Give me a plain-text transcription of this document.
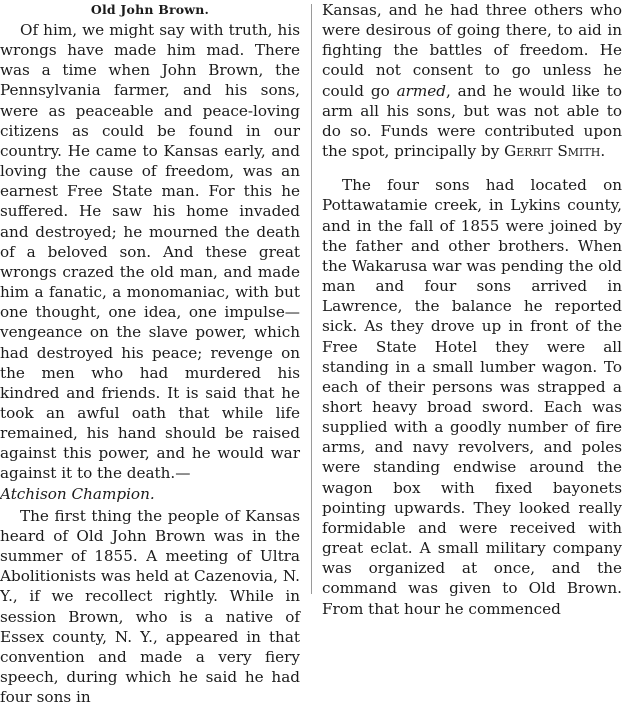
Old John Brown.

Of him, we might say with truth, his wrongs have made him mad. There was a time when John Brown, the Pennsylvania farmer, and his sons, were as peaceable and peace-loving citizens as could be found in our country. He came to Kansas early, and loving the cause of freedom, was an earnest Free State man. For this he suffered. He saw his home invaded and destroyed; he mourned the death of a beloved son. And these great wrongs crazed the old man, and made him a fanatic, a monomaniac, with but one thought, one idea, one impulse—vengeance on the slave power, which had destroyed his peace; revenge on the men who had murdered his kindred and friends. It is said that he took an awful oath that while life remained, his hand should be raised against this power, and he would war against it to the death.—
Atchison Champion.

The first thing the people of Kansas heard of Old John Brown was in the summer of 1855. A meeting of Ultra Abolitionists was held at Cazenovia, N. Y., if we recollect rightly. While in session Brown, who is a native of Essex county, N. Y., appeared in that convention and made a very fiery speech, during which he said he had four sons in

Kansas, and he had three others who were desirous of going there, to aid in fighting the battles of freedom. He could not consent to go unless he could go armed, and he would like to arm all his sons, but was not able to do so. Funds were contributed upon the spot, principally by Gerrit Smith.

The four sons had located on Pottawatamie creek, in Lykins county, and in the fall of 1855 were joined by the father and other brothers. When the Wakarusa war was pending the old man and four sons arrived in Lawrence, the balance he reported sick. As they drove up in front of the Free State Hotel they were all standing in a small lumber wagon. To each of their persons was strapped a short heavy broad sword. Each was supplied with a goodly number of fire arms, and navy revolvers, and poles were standing endwise around the wagon box with fixed bayonets pointing upwards. They looked really formidable and were received with great eclat. A small military company was organized at once, and the command was given to Old Brown. From that hour he commenced
